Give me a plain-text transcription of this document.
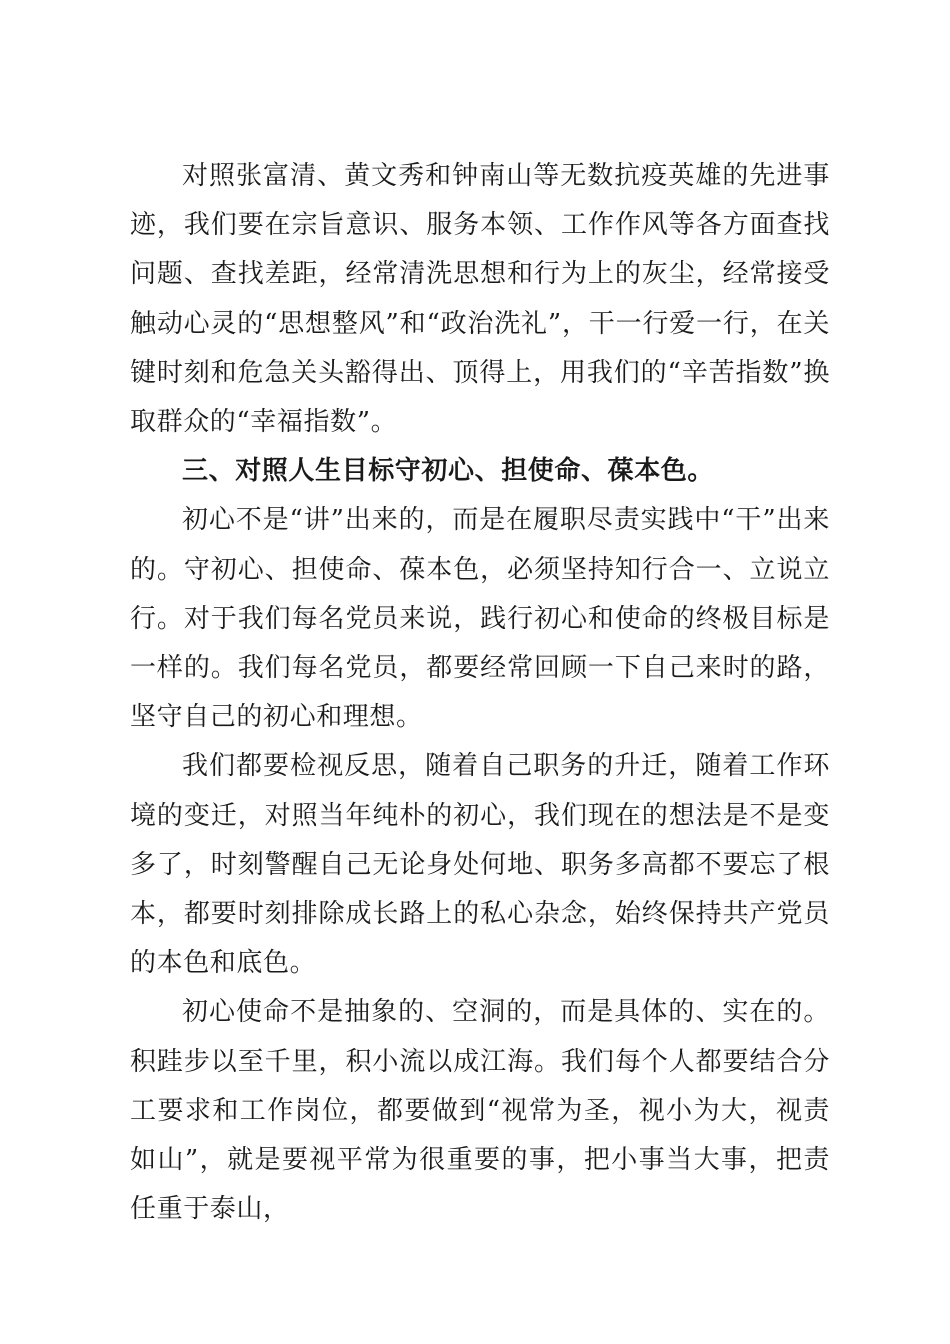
对照张富清、黄文秀和钟南山等无数抗疫英雄的先进事迹，我们要在宗旨意识、服务本领、工作作风等各方面查找问题、查找差距，经常清洗思想和行为上的灰尘，经常接受触动心灵的“思想整风”和“政治洗礼”，干一行爱一行，在关键时刻和危急关头豁得出、顶得上，用我们的“辛苦指数”换取群众的“幸福指数”。

三、对照人生目标守初心、担使命、葆本色。

初心不是“讲”出来的，而是在履职尽责实践中“干”出来的。守初心、担使命、葆本色，必须坚持知行合一、立说立行。对于我们每名党员来说，践行初心和使命的终极目标是一样的。我们每名党员，都要经常回顾一下自己来时的路，坚守自己的初心和理想。

我们都要检视反思，随着自己职务的升迁，随着工作环境的变迁，对照当年纯朴的初心，我们现在的想法是不是变多了，时刻警醒自己无论身处何地、职务多高都不要忘了根本，都要时刻排除成长路上的私心杂念，始终保持共产党员的本色和底色。

初心使命不是抽象的、空洞的，而是具体的、实在的。积跬步以至千里，积小流以成江海。我们每个人都要结合分工要求和工作岗位，都要做到“视常为圣，视小为大，视责如山”，就是要视平常为很重要的事，把小事当大事，把责任重于泰山，
